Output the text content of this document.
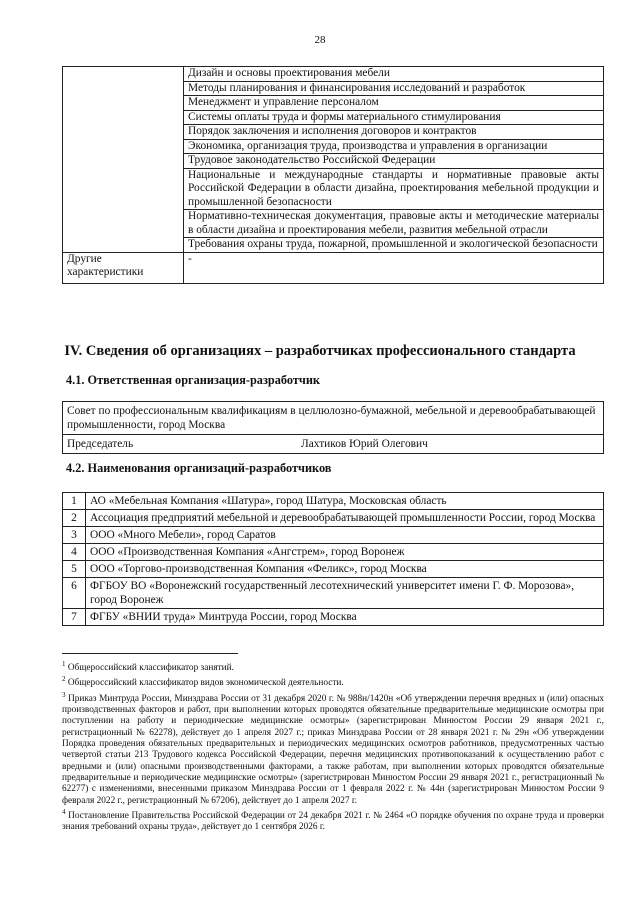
28
	Дизайн и основы проектирования мебели
	Методы планирования и финансирования исследований и разработок
	Менеджмент и управление персоналом
	Системы оплаты труда и формы материального стимулирования
	Порядок заключения и исполнения договоров и контрактов
	Экономика, организация труда, производства и управления в организации
	Трудовое законодательство Российской Федерации
	Национальные и международные стандарты и нормативные правовые акты Российской Федерации в области дизайна, проектирования мебельной продукции и промышленной безопасности
	Нормативно-техническая документация, правовые акты и методические материалы в области дизайна и проектирования мебели, развития мебельной отрасли
	Требования охраны труда, пожарной, промышленной и экологической безопасности
Другие характеристики	-
IV. Сведения об организациях – разработчиках профессионального стандарта
4.1. Ответственная организация-разработчик
Совет по профессиональным квалификациям в целлюлозно-бумажной, мебельной и деревообрабатывающей промышленности, город Москва
Председатель	Лахтиков Юрий Олегович
4.2. Наименования организаций-разработчиков
1	АО «Мебельная Компания «Шатура», город Шатура, Московская область
2	Ассоциация предприятий мебельной и деревообрабатывающей промышленности России, город Москва
3	ООО «Много Мебели», город Саратов
4	ООО «Производственная Компания «Ангстрем», город Воронеж
5	ООО «Торгово-производственная Компания «Феликс», город Москва
6	ФГБОУ ВО «Воронежский государственный лесотехнический университет имени Г. Ф. Морозова», город Воронеж
7	ФГБУ «ВНИИ труда» Минтруда России, город Москва

$^1$ Общероссийский классификатор занятий.

$^2$ Общероссийский классификатор видов экономической деятельности.

$^3$ Приказ Минтруда России, Минздрава России от 31 декабря 2020 г. № 988н/1420н «Об утверждении перечня вредных и (или) опасных производственных факторов и работ, при выполнении которых проводятся обязательные предварительные медицинские осмотры при поступлении на работу и периодические медицинские осмотры» (зарегистрирован Минюстом России 29 января 2021 г., регистрационный № 62278), действует до 1 апреля 2027 г.; приказ Минздрава России от 28 января 2021 г. № 29н «Об утверждении Порядка проведения обязательных предварительных и периодических медицинских осмотров работников, предусмотренных частью четвертой статьи 213 Трудового кодекса Российской Федерации, перечня медицинских противопоказаний к осуществлению работ с вредными и (или) опасными производственными факторами, а также работам, при выполнении которых проводятся обязательные предварительные и периодические медицинские осмотры» (зарегистрирован Минюстом России 29 января 2021 г., регистрационный № 62277) с изменениями, внесенными приказом Минздрава России от 1 февраля 2022 г. № 44н (зарегистрирован Минюстом России 9 февраля 2022 г., регистрационный № 67206), действует до 1 апреля 2027 г.

$^4$ Постановление Правительства Российской Федерации от 24 декабря 2021 г. № 2464 «О порядке обучения по охране труда и проверки знания требований охраны труда», действует до 1 сентября 2026 г.
